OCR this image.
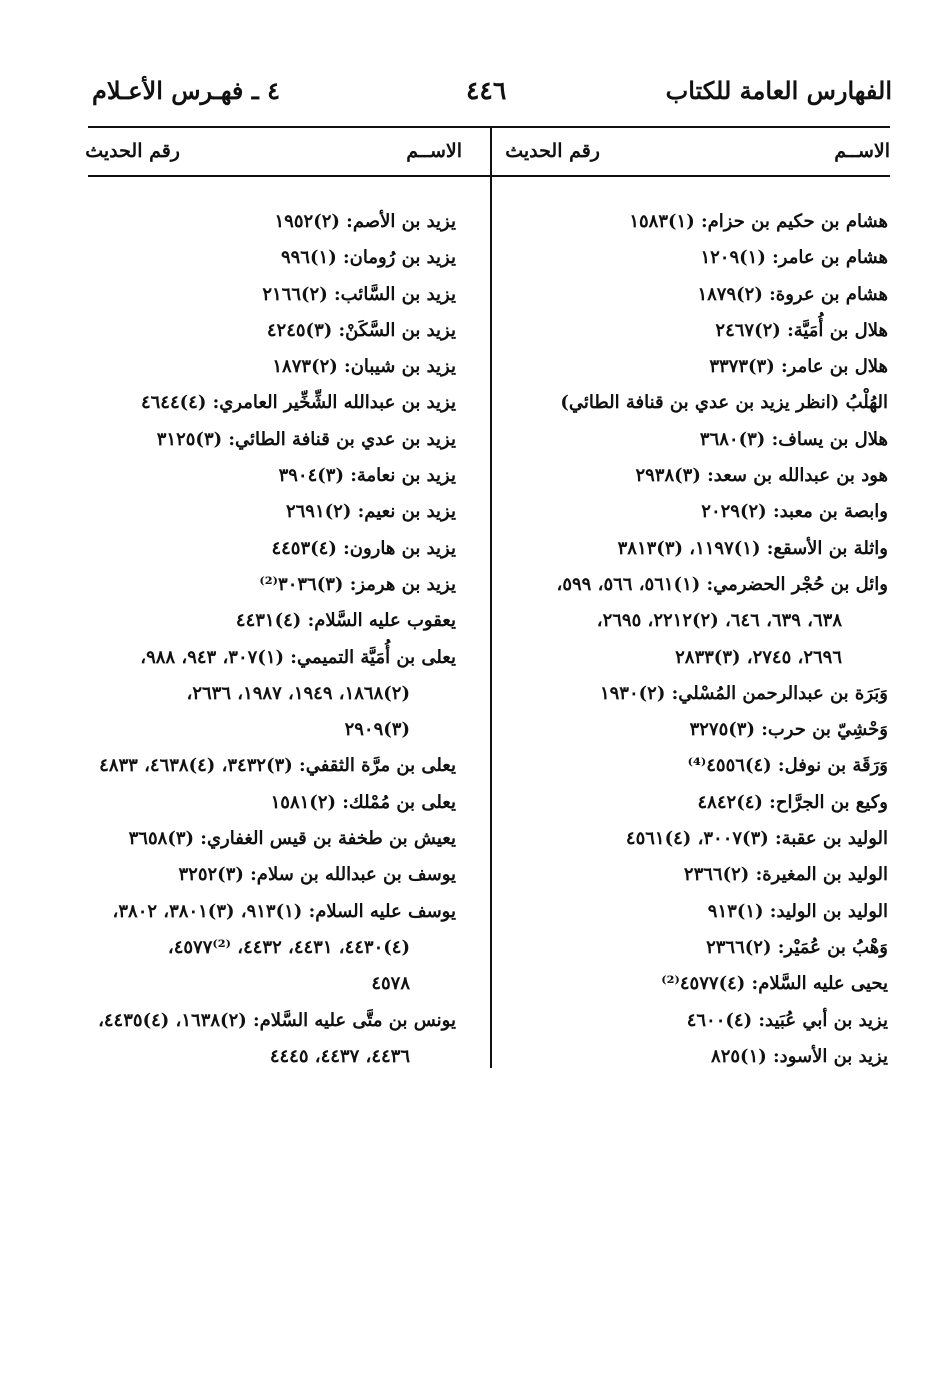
الفهارس العامة للكتاب
٤٤٦
٤ ـ فهـرس الأعـلام
الاســم
رقم الحديث
الاســم
رقم الحديث
هشام بن حكيم بن حزام: (١)١٥٨٣
هشام بن عامر: (١)١٢٠٩
هشام بن عروة: (٢)١٨٧٩
هلال بن أُمَيَّة: (٢)٢٤٦٧
هلال بن عامر: (٣)٣٣٧٣
الهُلْبُ (انظر يزيد بن عدي بن قنافة الطائي)
هلال بن يساف: (٣)٣٦٨٠
هود بن عبدالله بن سعد: (٣)٢٩٣٨
وابصة بن معبد: (٢)٢٠٢٩
واثلة بن الأسقع: (١)١١٩٧، (٣)٣٨١٣
وائل بن حُجْر الحضرمي: (١)٥٦١، ٥٦٦، ٥٩٩،
٦٣٨، ٦٣٩، ٦٤٦، (٢)٢٢١٢، ٢٦٩٥،
٢٦٩٦، ٢٧٤٥، (٣)٢٨٣٣
وَبَرَة بن عبدالرحمن المُسْلي: (٢)١٩٣٠
وَحْشِيّ بن حرب: (٣)٣٢٧٥
وَرَقَة بن نوفل: (٤)٤٥٥٦⁽⁴⁾
وكيع بن الجرَّاح: (٤)٤٨٤٢
الوليد بن عقبة: (٣)٣٠٠٧، (٤)٤٥٦١
الوليد بن المغيرة: (٢)٢٣٦٦
الوليد بن الوليد: (١)٩١٣
وَهْبُ بن عُمَيْر: (٢)٢٣٦٦
يحيى عليه السَّلام: (٤)٤٥٧٧⁽²⁾
يزيد بن أبي عُبَيد: (٤)٤٦٠٠
يزيد بن الأسود: (١)٨٢٥
يزيد بن الأصم: (٢)١٩٥٢
يزيد بن رُومان: (١)٩٩٦
يزيد بن السَّائب: (٢)٢١٦٦
يزيد بن السَّكَنْ: (٣)٤٢٤٥
يزيد بن شيبان: (٢)١٨٧٣
يزيد بن عبدالله الشِّخِّير العامري: (٤)٤٦٤٤
يزيد بن عدي بن قنافة الطائي: (٣)٣١٢٥
يزيد بن نعامة: (٣)٣٩٠٤
يزيد بن نعيم: (٢)٢٦٩١
يزيد بن هارون: (٤)٤٤٥٣
يزيد بن هرمز: (٣)٣٠٣٦⁽²⁾
يعقوب عليه السَّلام: (٤)٤٤٣١
يعلى بن أُمَيَّة التميمي: (١)٣٠٧، ٩٤٣، ٩٨٨،
(٢)١٨٦٨، ١٩٤٩، ١٩٨٧، ٢٦٣٦،
(٣)٢٩٠٩
يعلى بن مرَّة الثقفي: (٣)٣٤٣٢، (٤)٤٦٣٨، ٤٨٣٣
يعلى بن مُمْلك: (٢)١٥٨١
يعيش بن طخفة بن قيس الغفاري: (٣)٣٦٥٨
يوسف بن عبدالله بن سلام: (٣)٣٢٥٢
يوسف عليه السلام: (١)٩١٣، (٣)٣٨٠١، ٣٨٠٢،
(٤)٤٤٣٠، ٤٤٣١، ٤٤٣٢، ⁽²⁾٤٥٧٧،
٤٥٧٨
يونس بن متَّى عليه السَّلام: (٢)١٦٣٨، (٤)٤٤٣٥،
٤٤٣٦، ٤٤٣٧، ٤٤٤٥
